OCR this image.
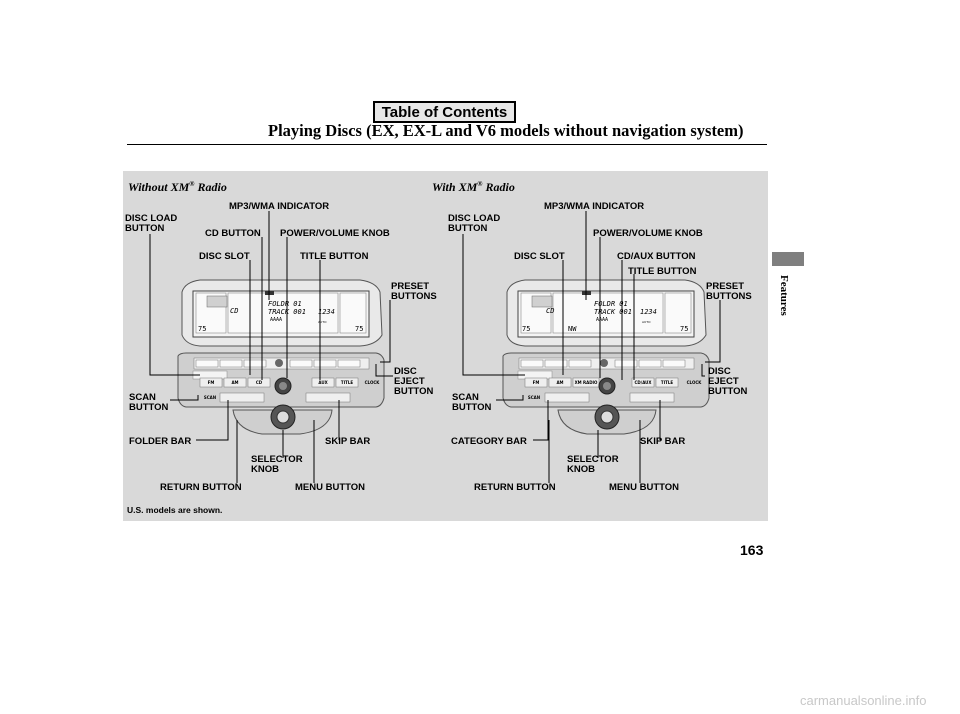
Table of Contents
Playing Discs (EX, EX-L and V6 models without navigation system)
Without XM® Radio	With XM® Radio
FOLDR 01
TRACK 001
AAAA
CD	1234
75	75
AUTO
FM	AM	CD	AUX	TITLE	CLOCK
SCAN
FOLDR 01
TRACK 001
AAAA
CD	1234
NW
75	75
AUTO
FM	AM	XM RADIO	CD/AUX TITLE	CLOCK
SCAN
MP3/WMA INDICATOR
DISC LOAD
BUTTON	CD BUTTON POWER/VOLUME KNOB
DISC SLOT	TITLE BUTTON
PRESET
BUTTONS
DISC
EJECT
BUTTON
SCAN
BUTTON
FOLDER BAR	SKIP BAR
SELECTOR
KNOB
RETURN BUTTON	MENU BUTTON
MP3/WMA INDICATOR
DISC LOAD
BUTTON	POWER/VOLUME KNOB
DISC SLOT	CD/AUX BUTTON
TITLE BUTTON
PRESET
BUTTONS
DISC
EJECT
BUTTON
SCAN
BUTTON
CATEGORY BAR	SKIP BAR
SELECTOR
KNOB
RETURN BUTTON	MENU BUTTON
U.S. models are shown.
Features
163
carmanualsonline.info
